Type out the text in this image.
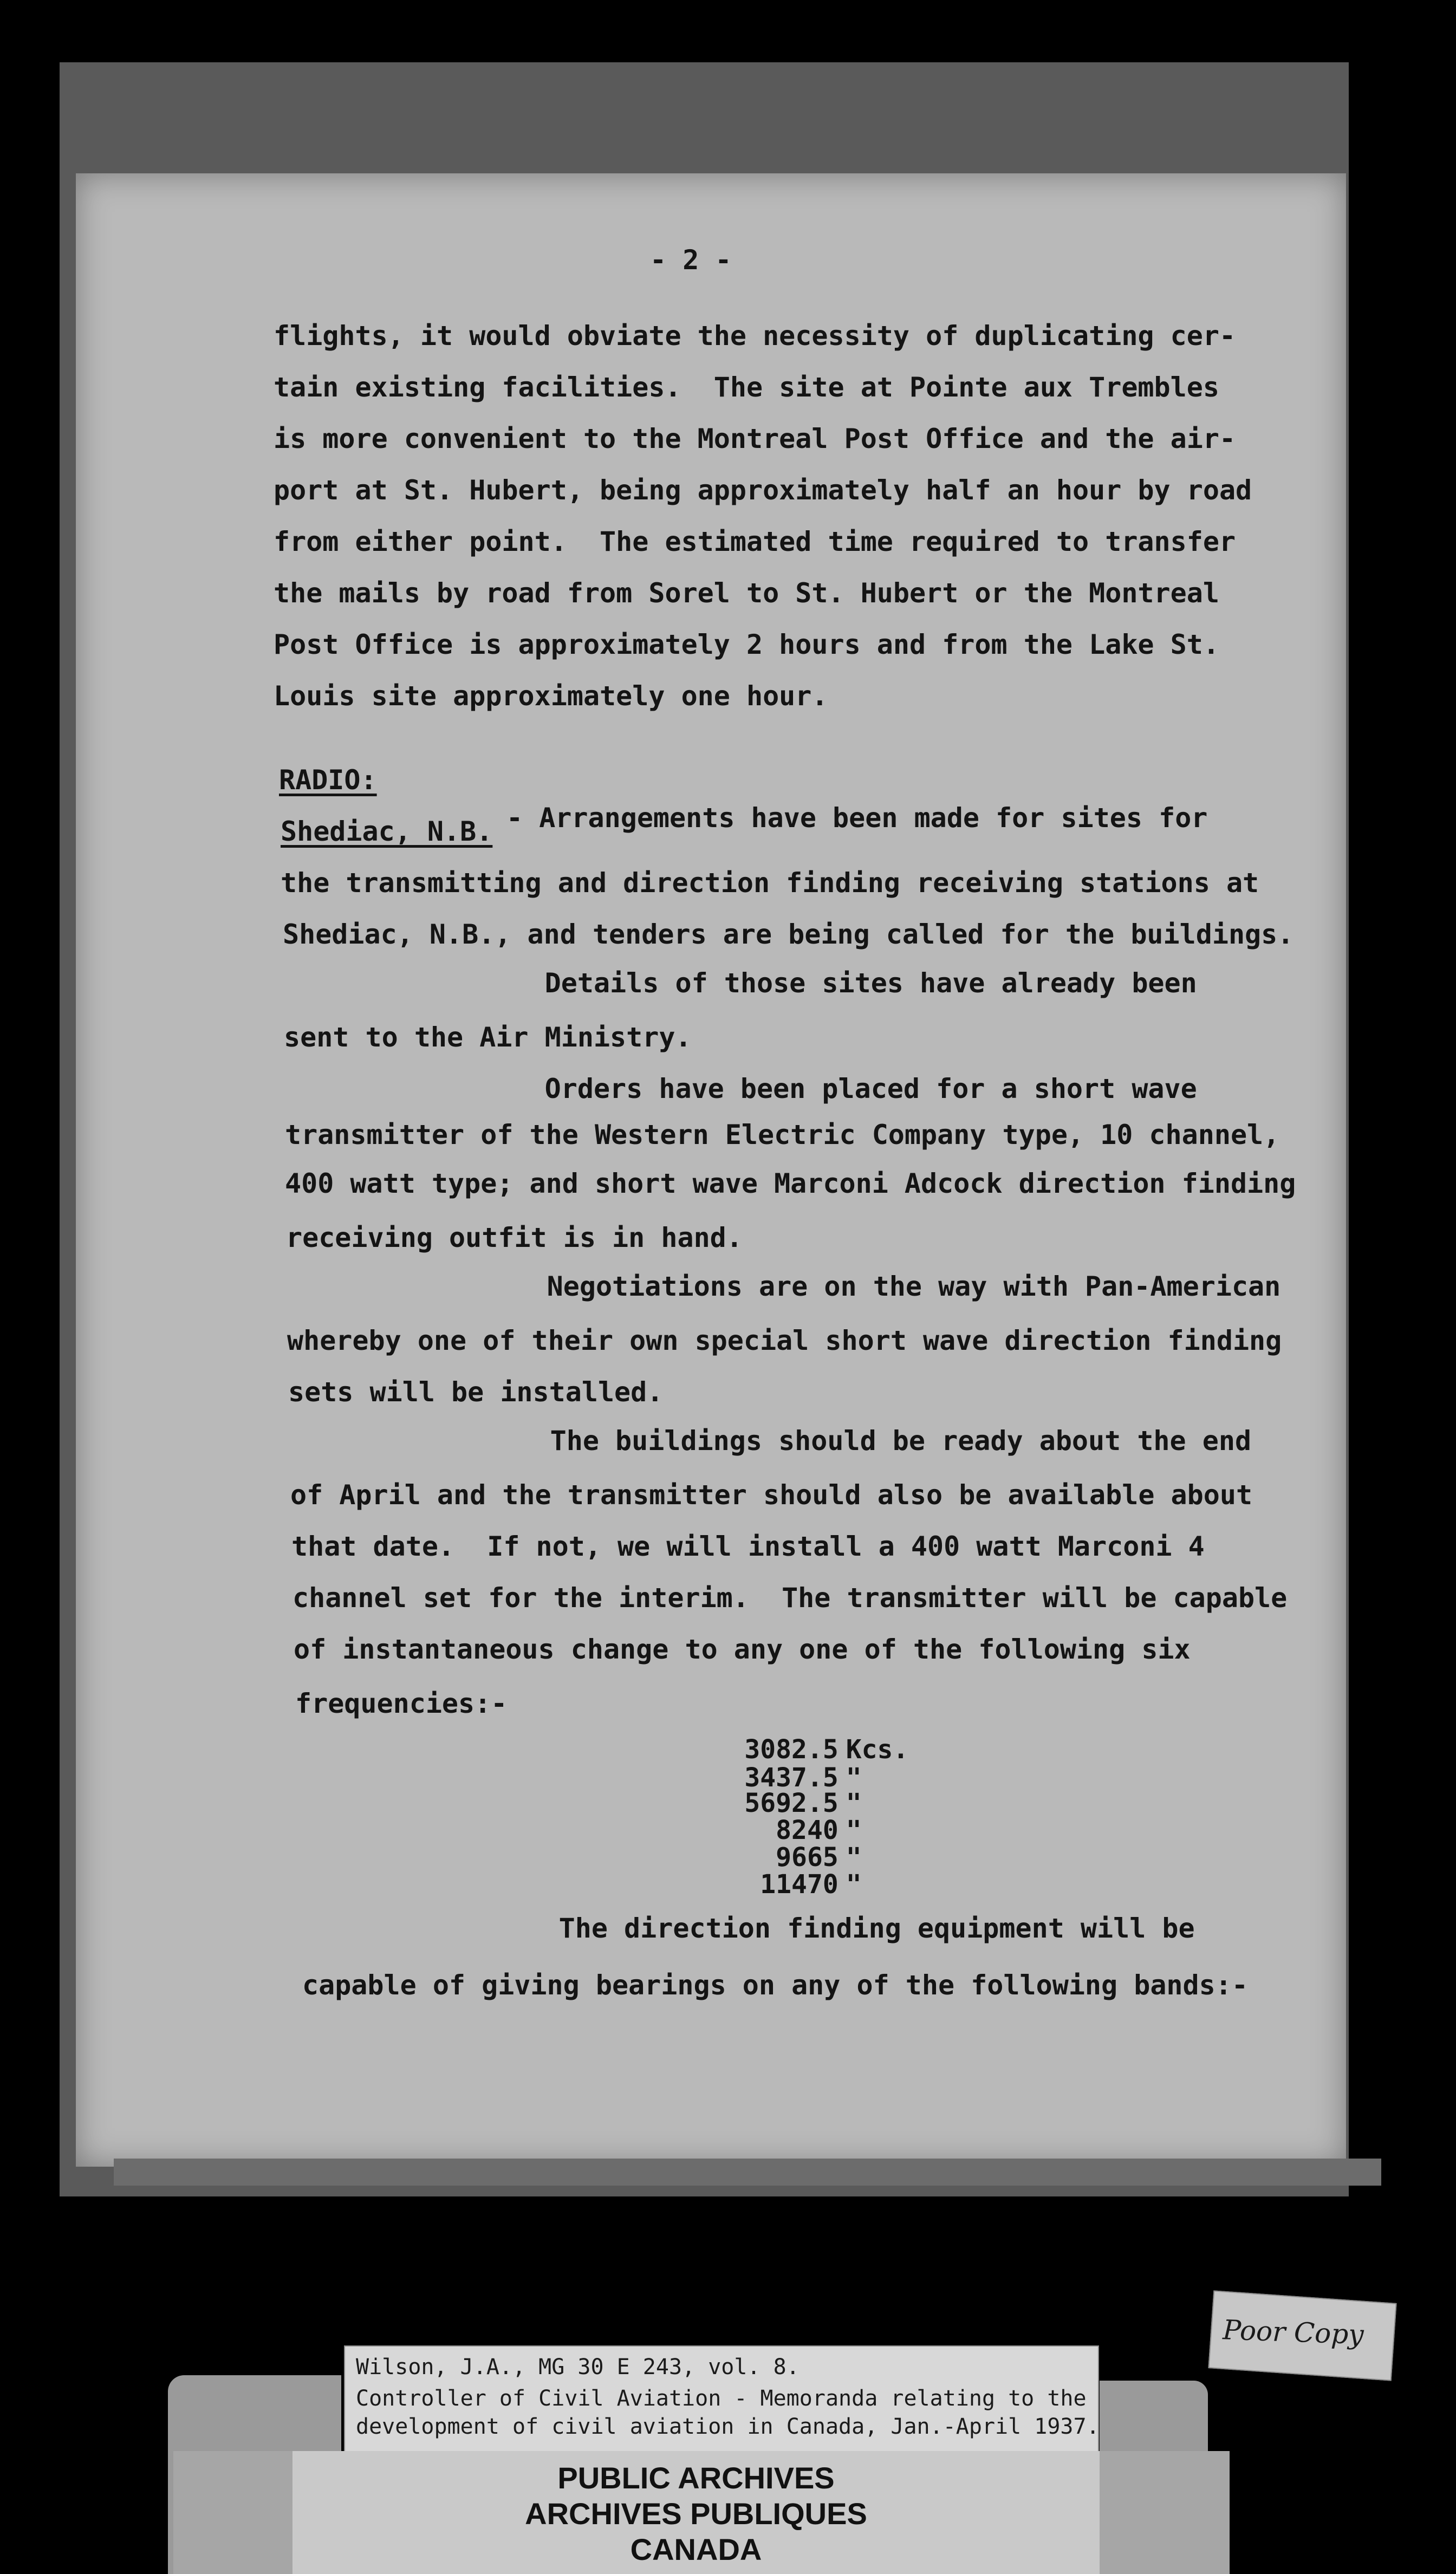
- 2 -
flights, it would obviate the necessity of duplicating cer-
tain existing facilities.  The site at Pointe aux Trembles
is more convenient to the Montreal Post Office and the air-
port at St. Hubert, being approximately half an hour by road
from either point.  The estimated time required to transfer
the mails by road from Sorel to St. Hubert or the Montreal
Post Office is approximately 2 hours and from the Lake St.
Louis site approximately one hour.
RADIO:
Shediac, N.B. - Arrangements have been made for sites for
the transmitting and direction finding receiving stations at
Shediac, N.B., and tenders are being called for the buildings.
Details of those sites have already been
sent to the Air Ministry.
Orders have been placed for a short wave
transmitter of the Western Electric Company type, 10 channel,
400 watt type; and short wave Marconi Adcock direction finding
receiving outfit is in hand.
Negotiations are on the way with Pan-American
whereby one of their own special short wave direction finding
sets will be installed.
The buildings should be ready about the end
of April and the transmitter should also be available about
that date.  If not, we will install a 400 watt Marconi 4
channel set for the interim.  The transmitter will be capable
of instantaneous change to any one of the following six
frequencies:-
3082.5 Kcs.
3437.5 "
5692.5 "
8240 "
9665 "
11470 "
The direction finding equipment will be
capable of giving bearings on any of the following bands:-
Wilson, J.A., MG 30 E 243, vol. 8.
Controller of Civil Aviation - Memoranda relating to the
development of civil aviation in Canada, Jan.-April 1937.
PUBLIC ARCHIVES
ARCHIVES PUBLIQUES
CANADA
Poor Copy
